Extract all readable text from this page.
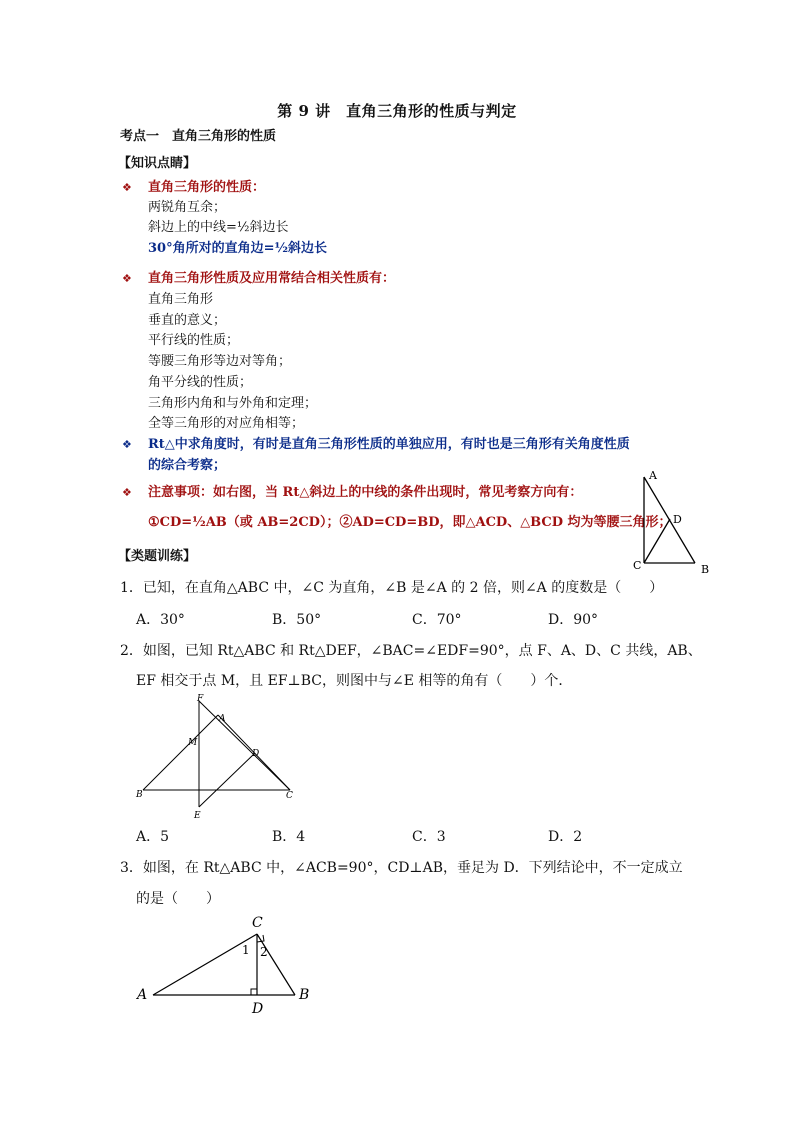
第 9 讲　直角三角形的性质与判定
考点一　直角三角形的性质
【知识点睛】
❖ 直角三角形的性质：
两锐角互余；
斜边上的中线=½斜边长
30°角所对的直角边=½斜边长
❖ 直角三角形性质及应用常结合相关性质有：
直角三角形
垂直的意义；
平行线的性质；
等腰三角形等边对等角；
角平分线的性质；
三角形内角和与外角和定理；
全等三角形的对应角相等；
❖ Rt△中求角度时，有时是直角三角形性质的单独应用，有时也是三角形有关角度性质
的综合考察；
❖ 注意事项：如右图，当 Rt△斜边上的中线的条件出现时，常见考察方向有：
①CD=½AB（或 AB=2CD）；②AD=CD=BD，即△ACD、△BCD 均为等腰三角形；
A
D
C	B
【类题训练】
1．已知，在直角△ABC 中，∠C 为直角，∠B 是∠A 的 2 倍，则∠A 的度数是（　　）
A．30°	B．50°	C．70°	D．90°
2．如图，已知 Rt△ABC 和 Rt△DEF，∠BAC=∠EDF=90°，点 F、A、D、C 共线，AB、
EF 相交于点 M，且 EF⊥BC，则图中与∠E 相等的角有（　　）个．
F
A
M
D
B	C
E
A．5	B．4	C．3	D．2
3．如图，在 Rt△ABC 中，∠ACB=90°，CD⊥AB，垂足为 D．下列结论中，不一定成立
的是（　　）
C
A	B
D
1 2
